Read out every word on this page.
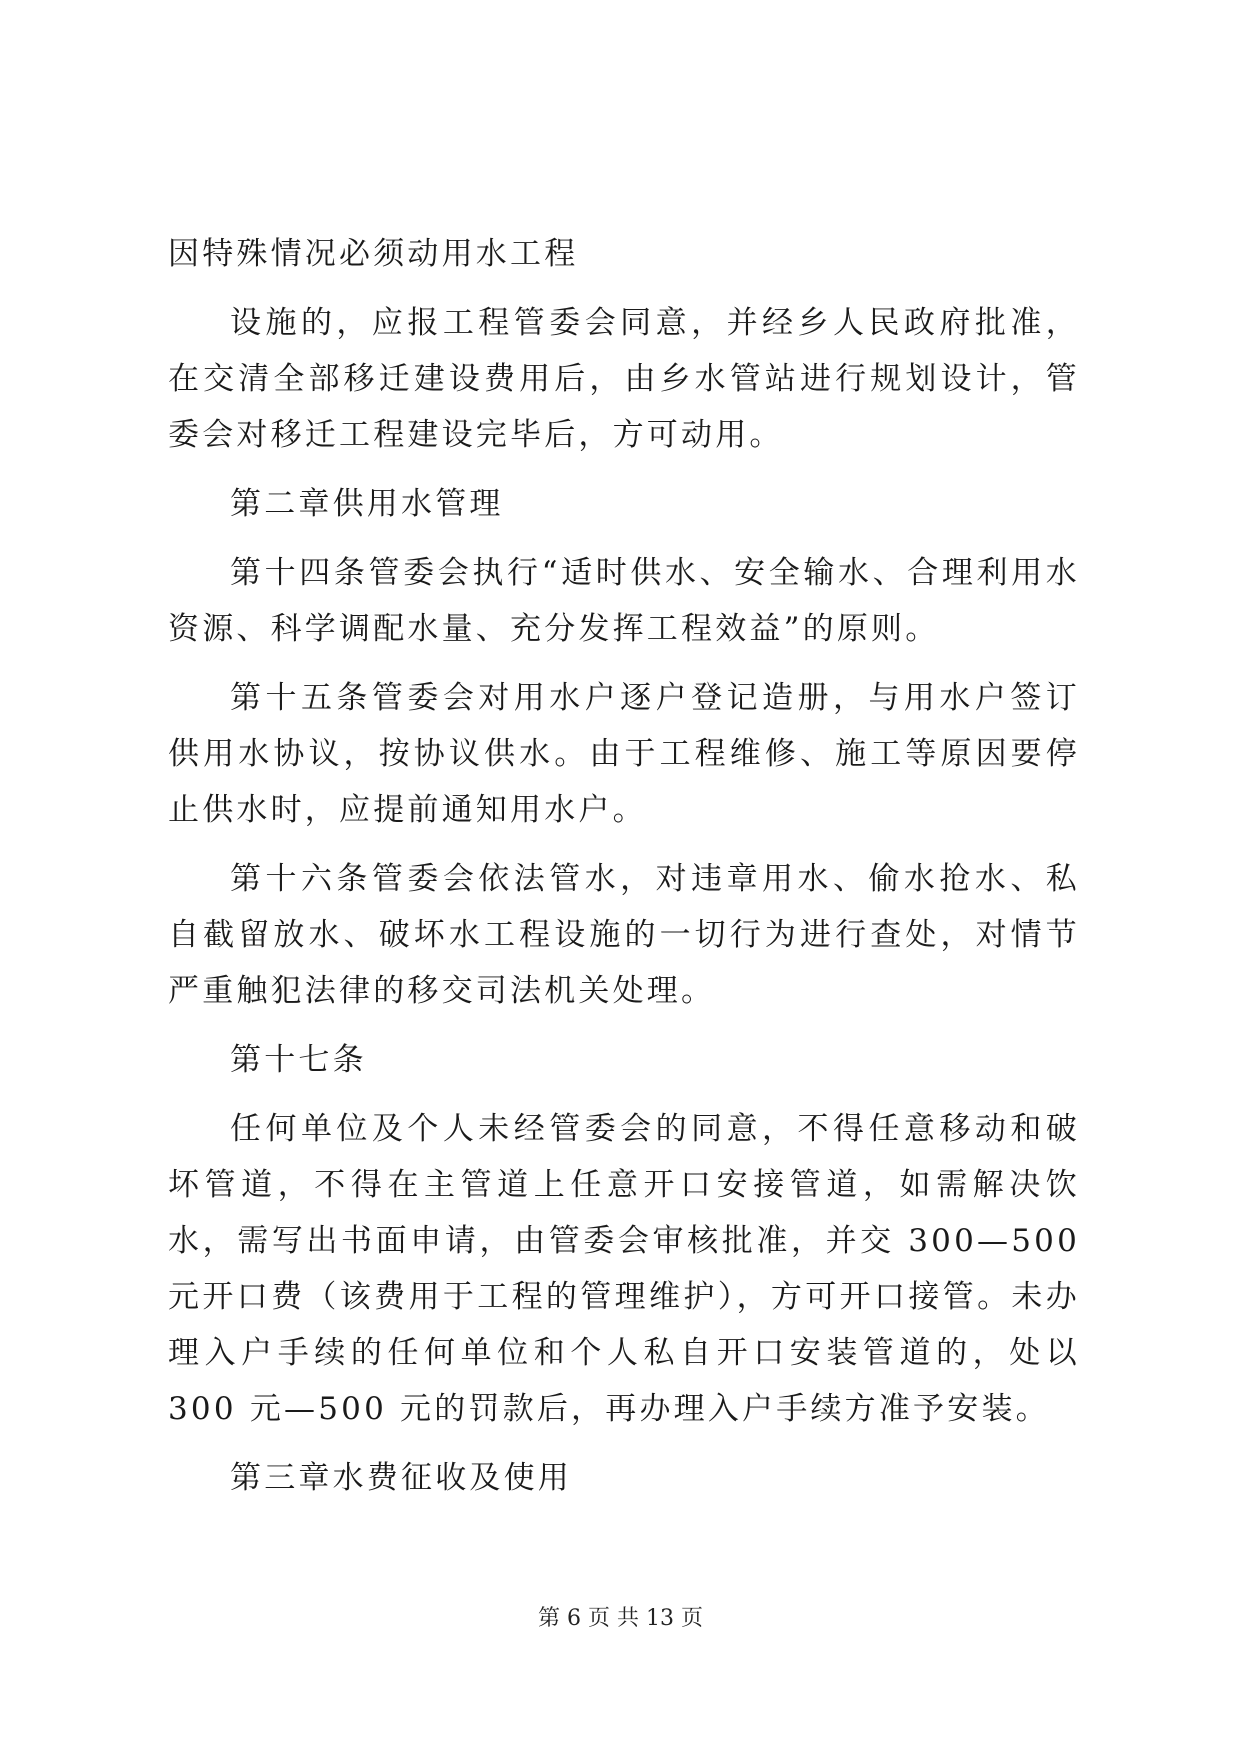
因特殊情况必须动用水工程

设施的，应报工程管委会同意，并经乡人民政府批准，在交清全部移迁建设费用后，由乡水管站进行规划设计，管委会对移迁工程建设完毕后，方可动用。

第二章供用水管理

第十四条管委会执行“适时供水、安全输水、合理利用水资源、科学调配水量、充分发挥工程效益”的原则。

第十五条管委会对用水户逐户登记造册，与用水户签订供用水协议，按协议供水。由于工程维修、施工等原因要停止供水时，应提前通知用水户。

第十六条管委会依法管水，对违章用水、偷水抢水、私自截留放水、破坏水工程设施的一切行为进行查处，对情节严重触犯法律的移交司法机关处理。

第十七条

任何单位及个人未经管委会的同意，不得任意移动和破坏管道，不得在主管道上任意开口安接管道，如需解决饮水，需写出书面申请，由管委会审核批准，并交 300—500 元开口费（该费用于工程的管理维护），方可开口接管。未办理入户手续的任何单位和个人私自开口安装管道的，处以 300 元—500 元的罚款后，再办理入户手续方准予安装。

第三章水费征收及使用

第 6 页 共 13 页
